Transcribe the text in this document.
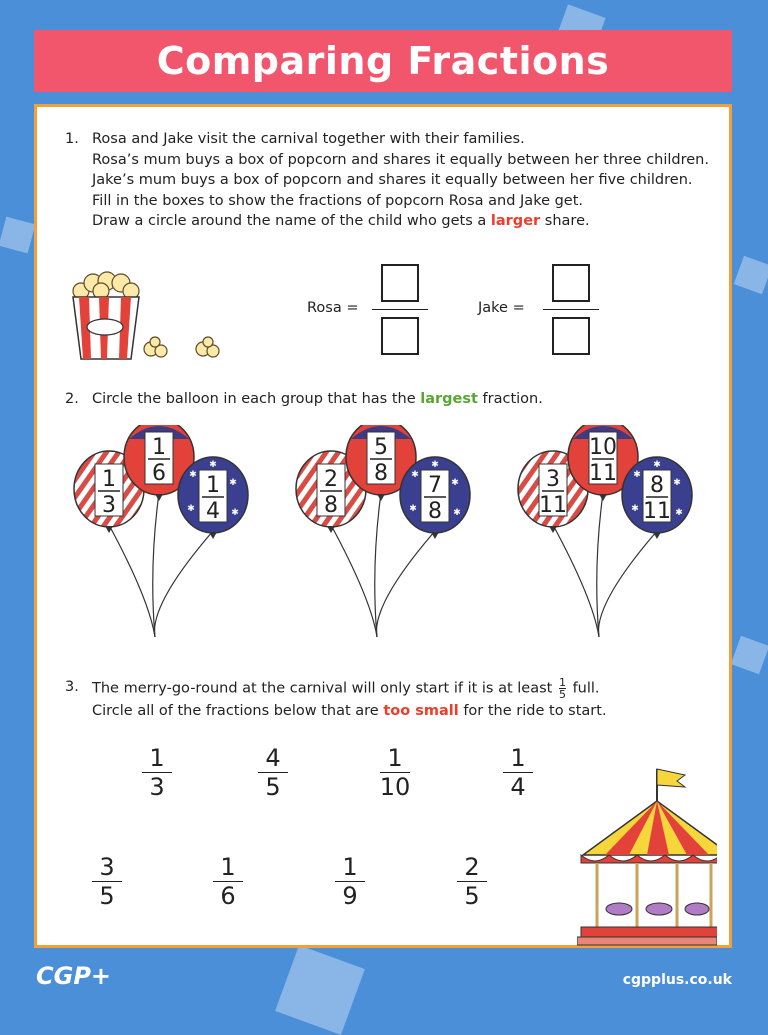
Comparing Fractions
1. Rosa and Jake visit the carnival together with their families.
Rosa’s mum buys a box of popcorn and shares it equally between her three children.
Jake’s mum buys a box of popcorn and shares it equally between her five children.
Fill in the boxes to show the fractions of popcorn Rosa and Jake get.
Draw a circle around the name of the child who gets a larger share.
Rosa =	Jake =
2. Circle the balloon in each group that has the largest fraction.
1
3
1
6	✱
✱
✱	✱
✱
1
4
2
8
5
8	✱
✱
✱	✱
✱
7
8
3
11
10
11 ✱
✱
✱	✱
✱
8
11
3. The merry-go-round at the carnival will only start if it is at least $\frac{1}{5}$ full.
Circle all of the fractions below that are too small for the ride to start.
1
3
4
5
1
10
1
4
3
5
1
6
1
9
2
5
CGP+	cgpplus.co.uk
